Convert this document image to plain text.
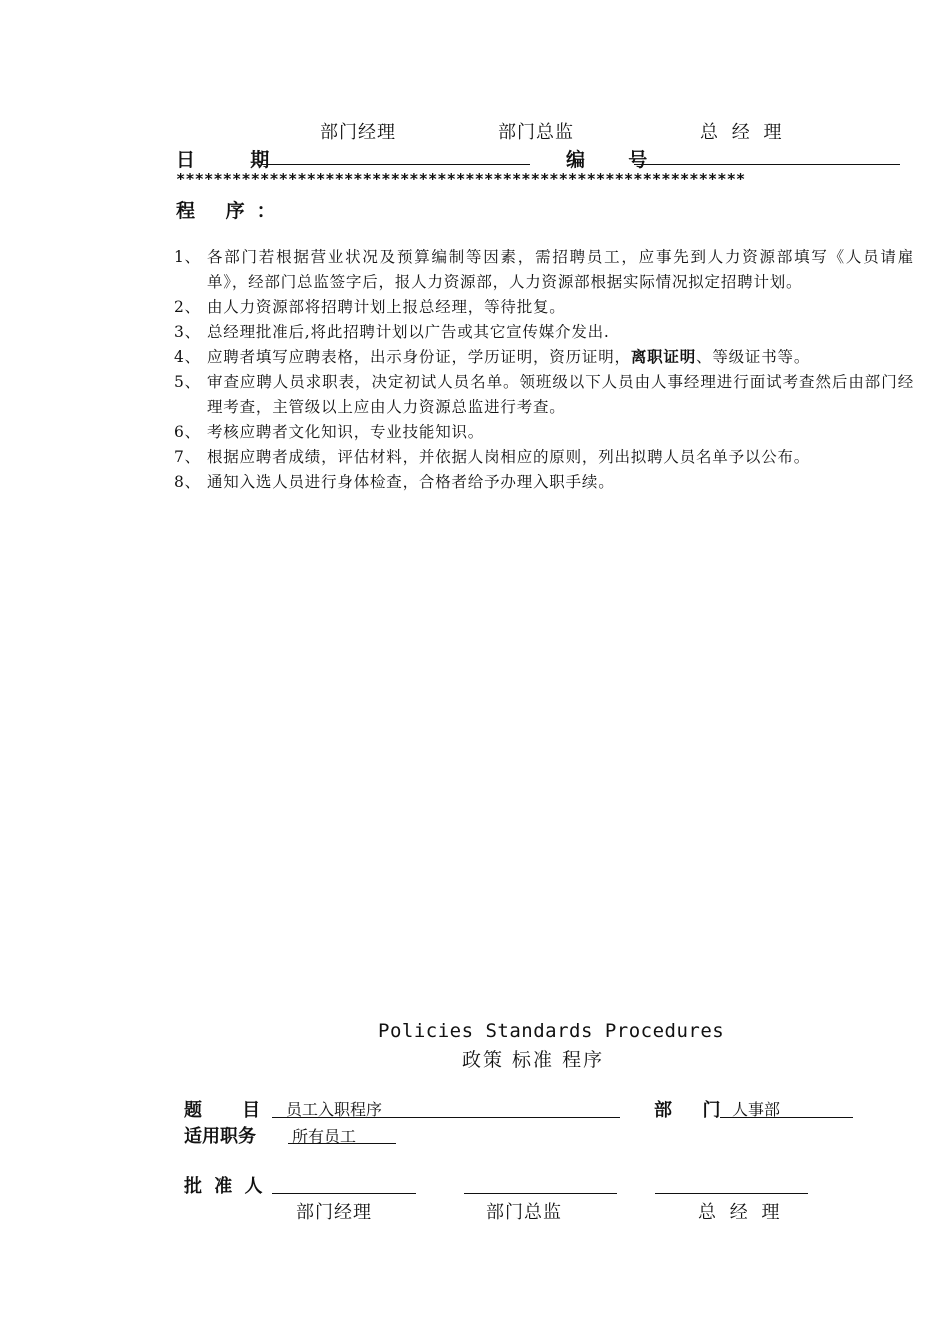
部门经理	部门总监	总 经 理
日  期	编  号
*************************************************************
程 序：
1、 各部门若根据营业状况及预算编制等因素，需招聘员工，应事先到人力资源部填写《人员请雇单》，经部门总监签字后，报人力资源部，人力资源部根据实际情况拟定招聘计划。
2、 由人力资源部将招聘计划上报总经理，等待批复。
3、 总经理批准后,将此招聘计划以广告或其它宣传媒介发出.
4、 应聘者填写应聘表格，出示身份证，学历证明，资历证明，离职证明、等级证书等。
5、 审查应聘人员求职表，决定初试人员名单。领班级以下人员由人事经理进行面试考查然后由部门经理考查，主管级以上应由人力资源总监进行考查。
6、 考核应聘者文化知识，专业技能知识。
7、 根据应聘者成绩，评估材料，并依据人岗相应的原则，列出拟聘人员名单予以公布。
8、 通知入选人员进行身体检查，合格者给予办理入职手续。
Policies Standards Procedures
政策 标准 程序
题    目 员工入职程序	部  门 人事部
适用职务 所有员工
批 准 人
部门经理	部门总监	总 经 理
